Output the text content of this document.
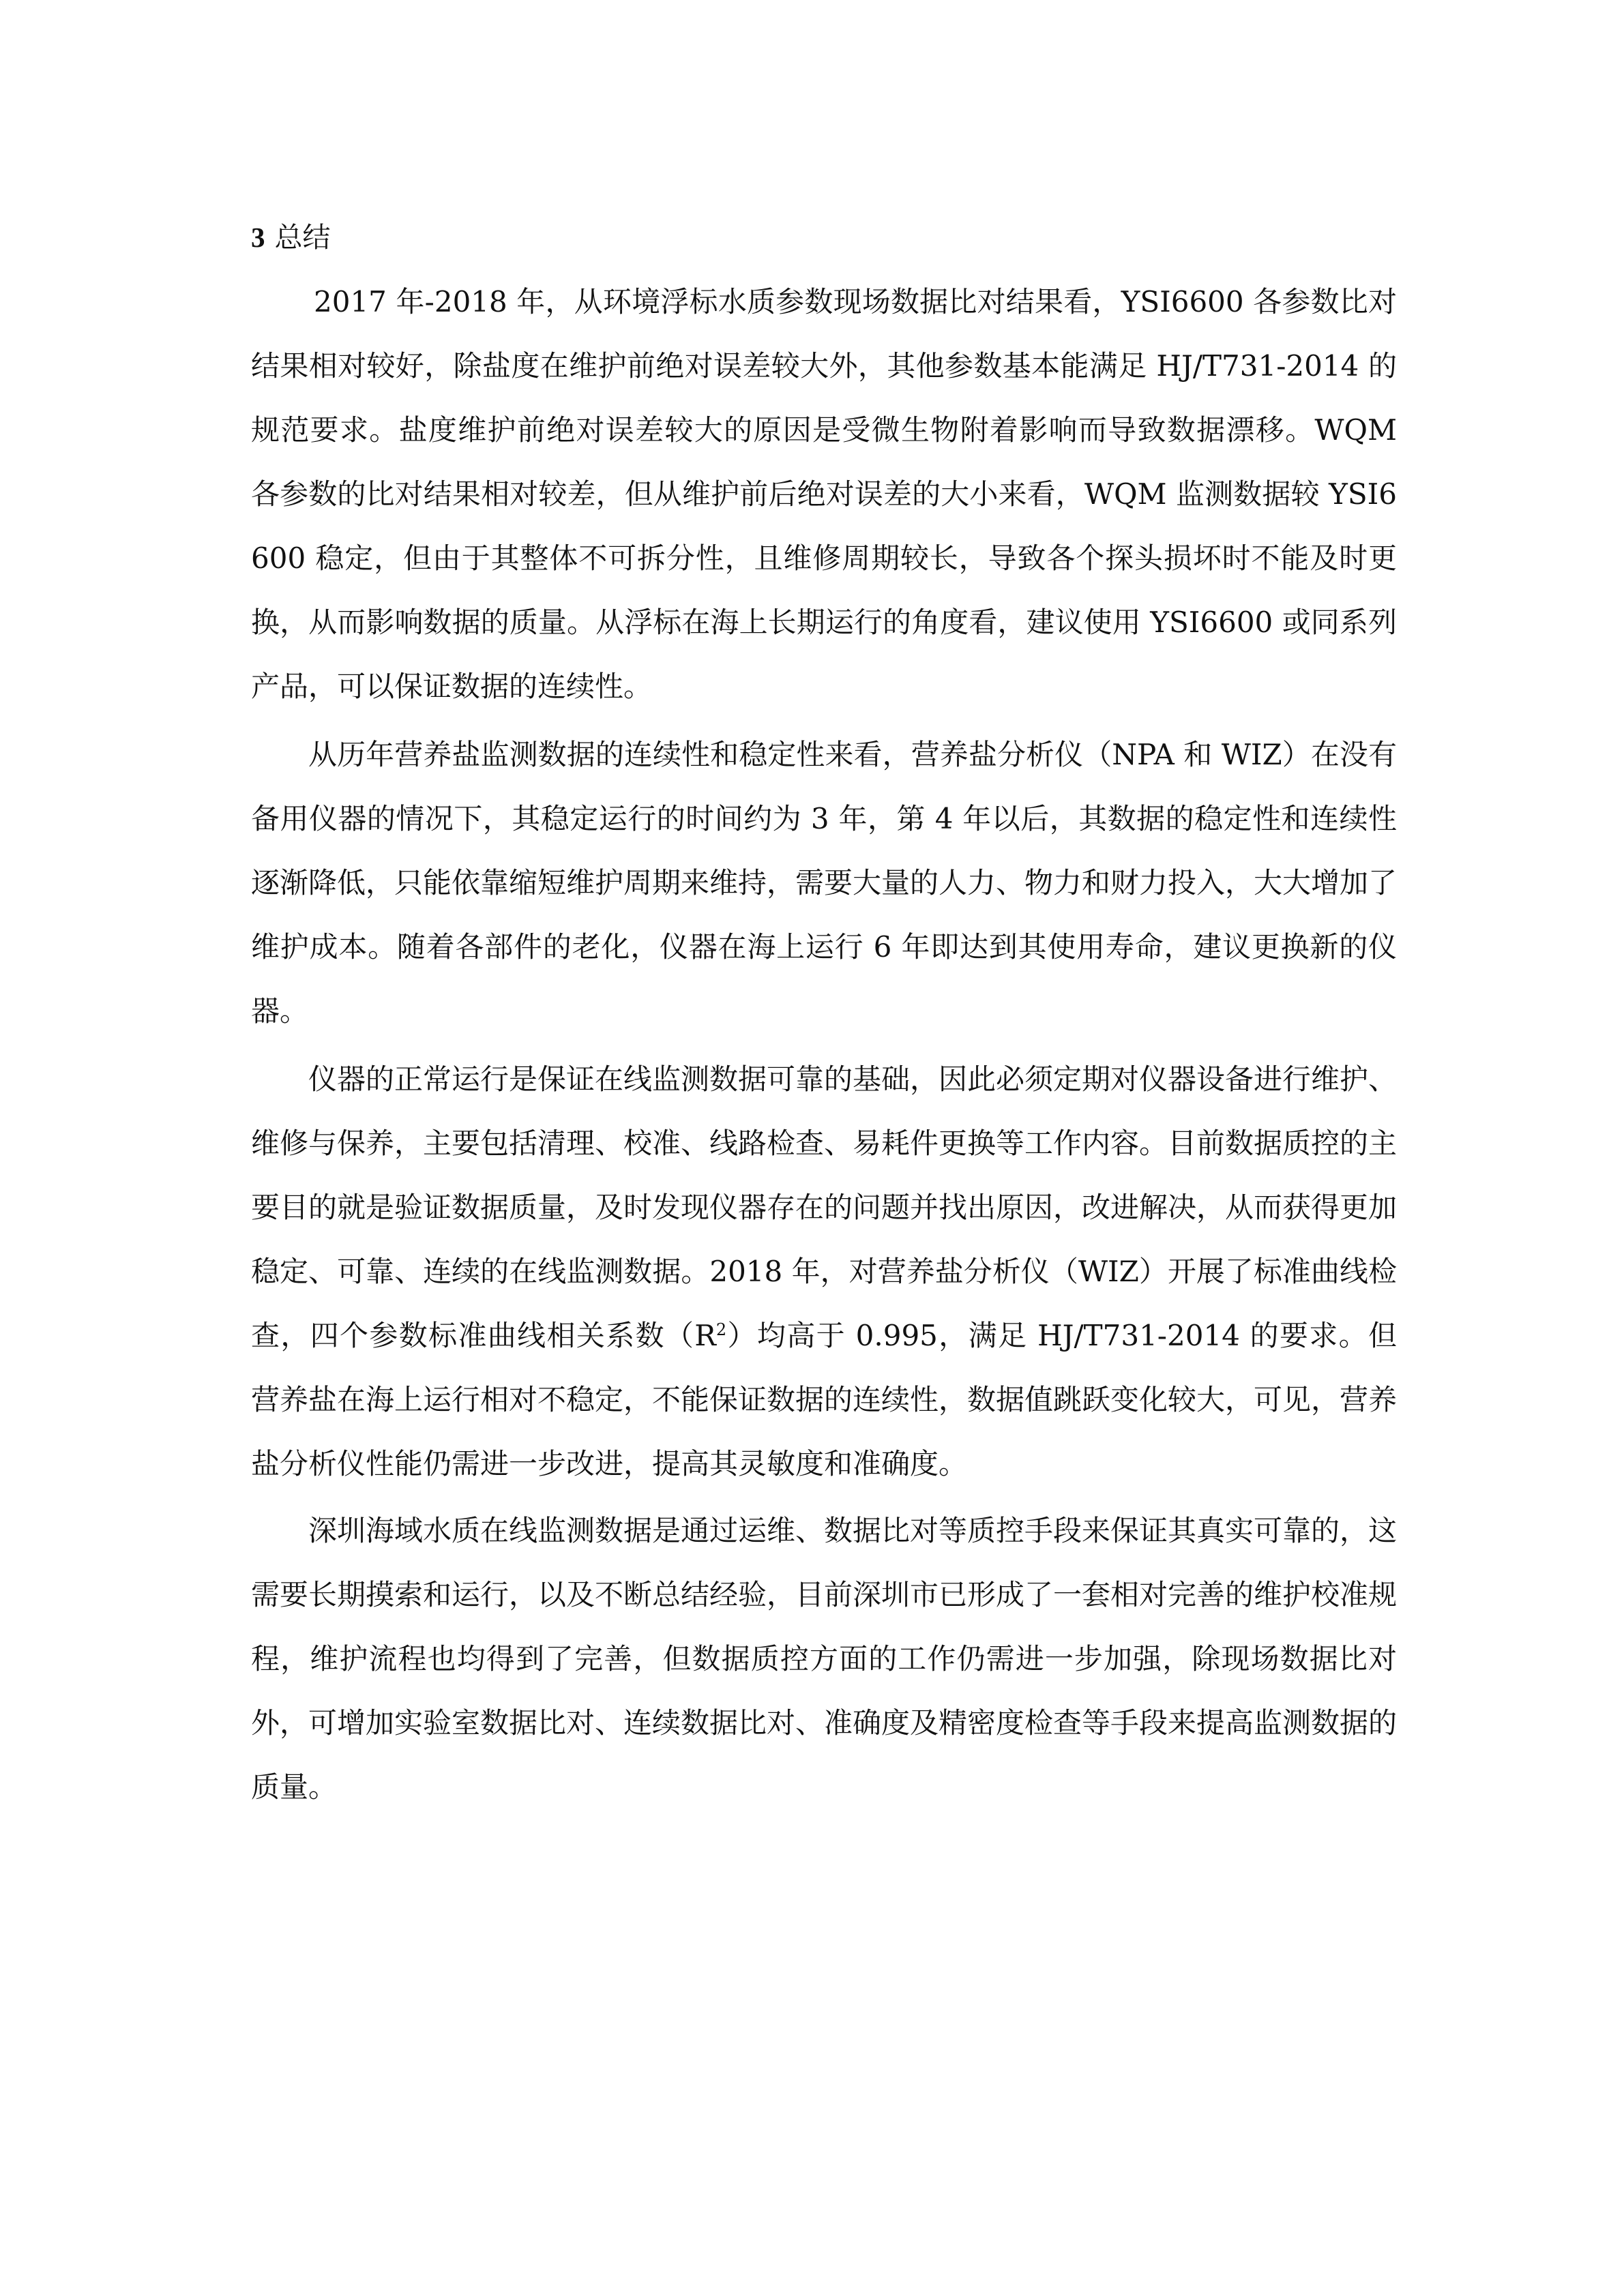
3 总结

2017 年-2018 年，从环境浮标水质参数现场数据比对结果看，YSI6600 各参数比对结果相对较好，除盐度在维护前绝对误差较大外，其他参数基本能满足 HJ/T731-2014 的规范要求。盐度维护前绝对误差较大的原因是受微生物附着影响而导致数据漂移。WQM 各参数的比对结果相对较差，但从维护前后绝对误差的大小来看，WQM 监测数据较 YSI6600 稳定，但由于其整体不可拆分性，且维修周期较长，导致各个探头损坏时不能及时更换，从而影响数据的质量。从浮标在海上长期运行的角度看，建议使用 YSI6600 或同系列产品，可以保证数据的连续性。

从历年营养盐监测数据的连续性和稳定性来看，营养盐分析仪（NPA 和 WIZ）在没有备用仪器的情况下，其稳定运行的时间约为 3 年，第 4 年以后，其数据的稳定性和连续性逐渐降低，只能依靠缩短维护周期来维持，需要大量的人力、物力和财力投入，大大增加了维护成本。随着各部件的老化，仪器在海上运行 6 年即达到其使用寿命，建议更换新的仪器。

仪器的正常运行是保证在线监测数据可靠的基础，因此必须定期对仪器设备进行维护、维修与保养，主要包括清理、校准、线路检查、易耗件更换等工作内容。目前数据质控的主要目的就是验证数据质量，及时发现仪器存在的问题并找出原因，改进解决，从而获得更加稳定、可靠、连续的在线监测数据。2018 年，对营养盐分析仪（WIZ）开展了标准曲线检查，四个参数标准曲线相关系数$(R^2)$均高于 0.995，满足 HJ/T731-2014 的要求。但营养盐在海上运行相对不稳定，不能保证数据的连续性，数据值跳跃变化较大，可见，营养盐分析仪性能仍需进一步改进，提高其灵敏度和准确度。

深圳海域水质在线监测数据是通过运维、数据比对等质控手段来保证其真实可靠的，这需要长期摸索和运行，以及不断总结经验，目前深圳市已形成了一套相对完善的维护校准规程，维护流程也均得到了完善，但数据质控方面的工作仍需进一步加强，除现场数据比对外，可增加实验室数据比对、连续数据比对、准确度及精密度检查等手段来提高监测数据的质量。
